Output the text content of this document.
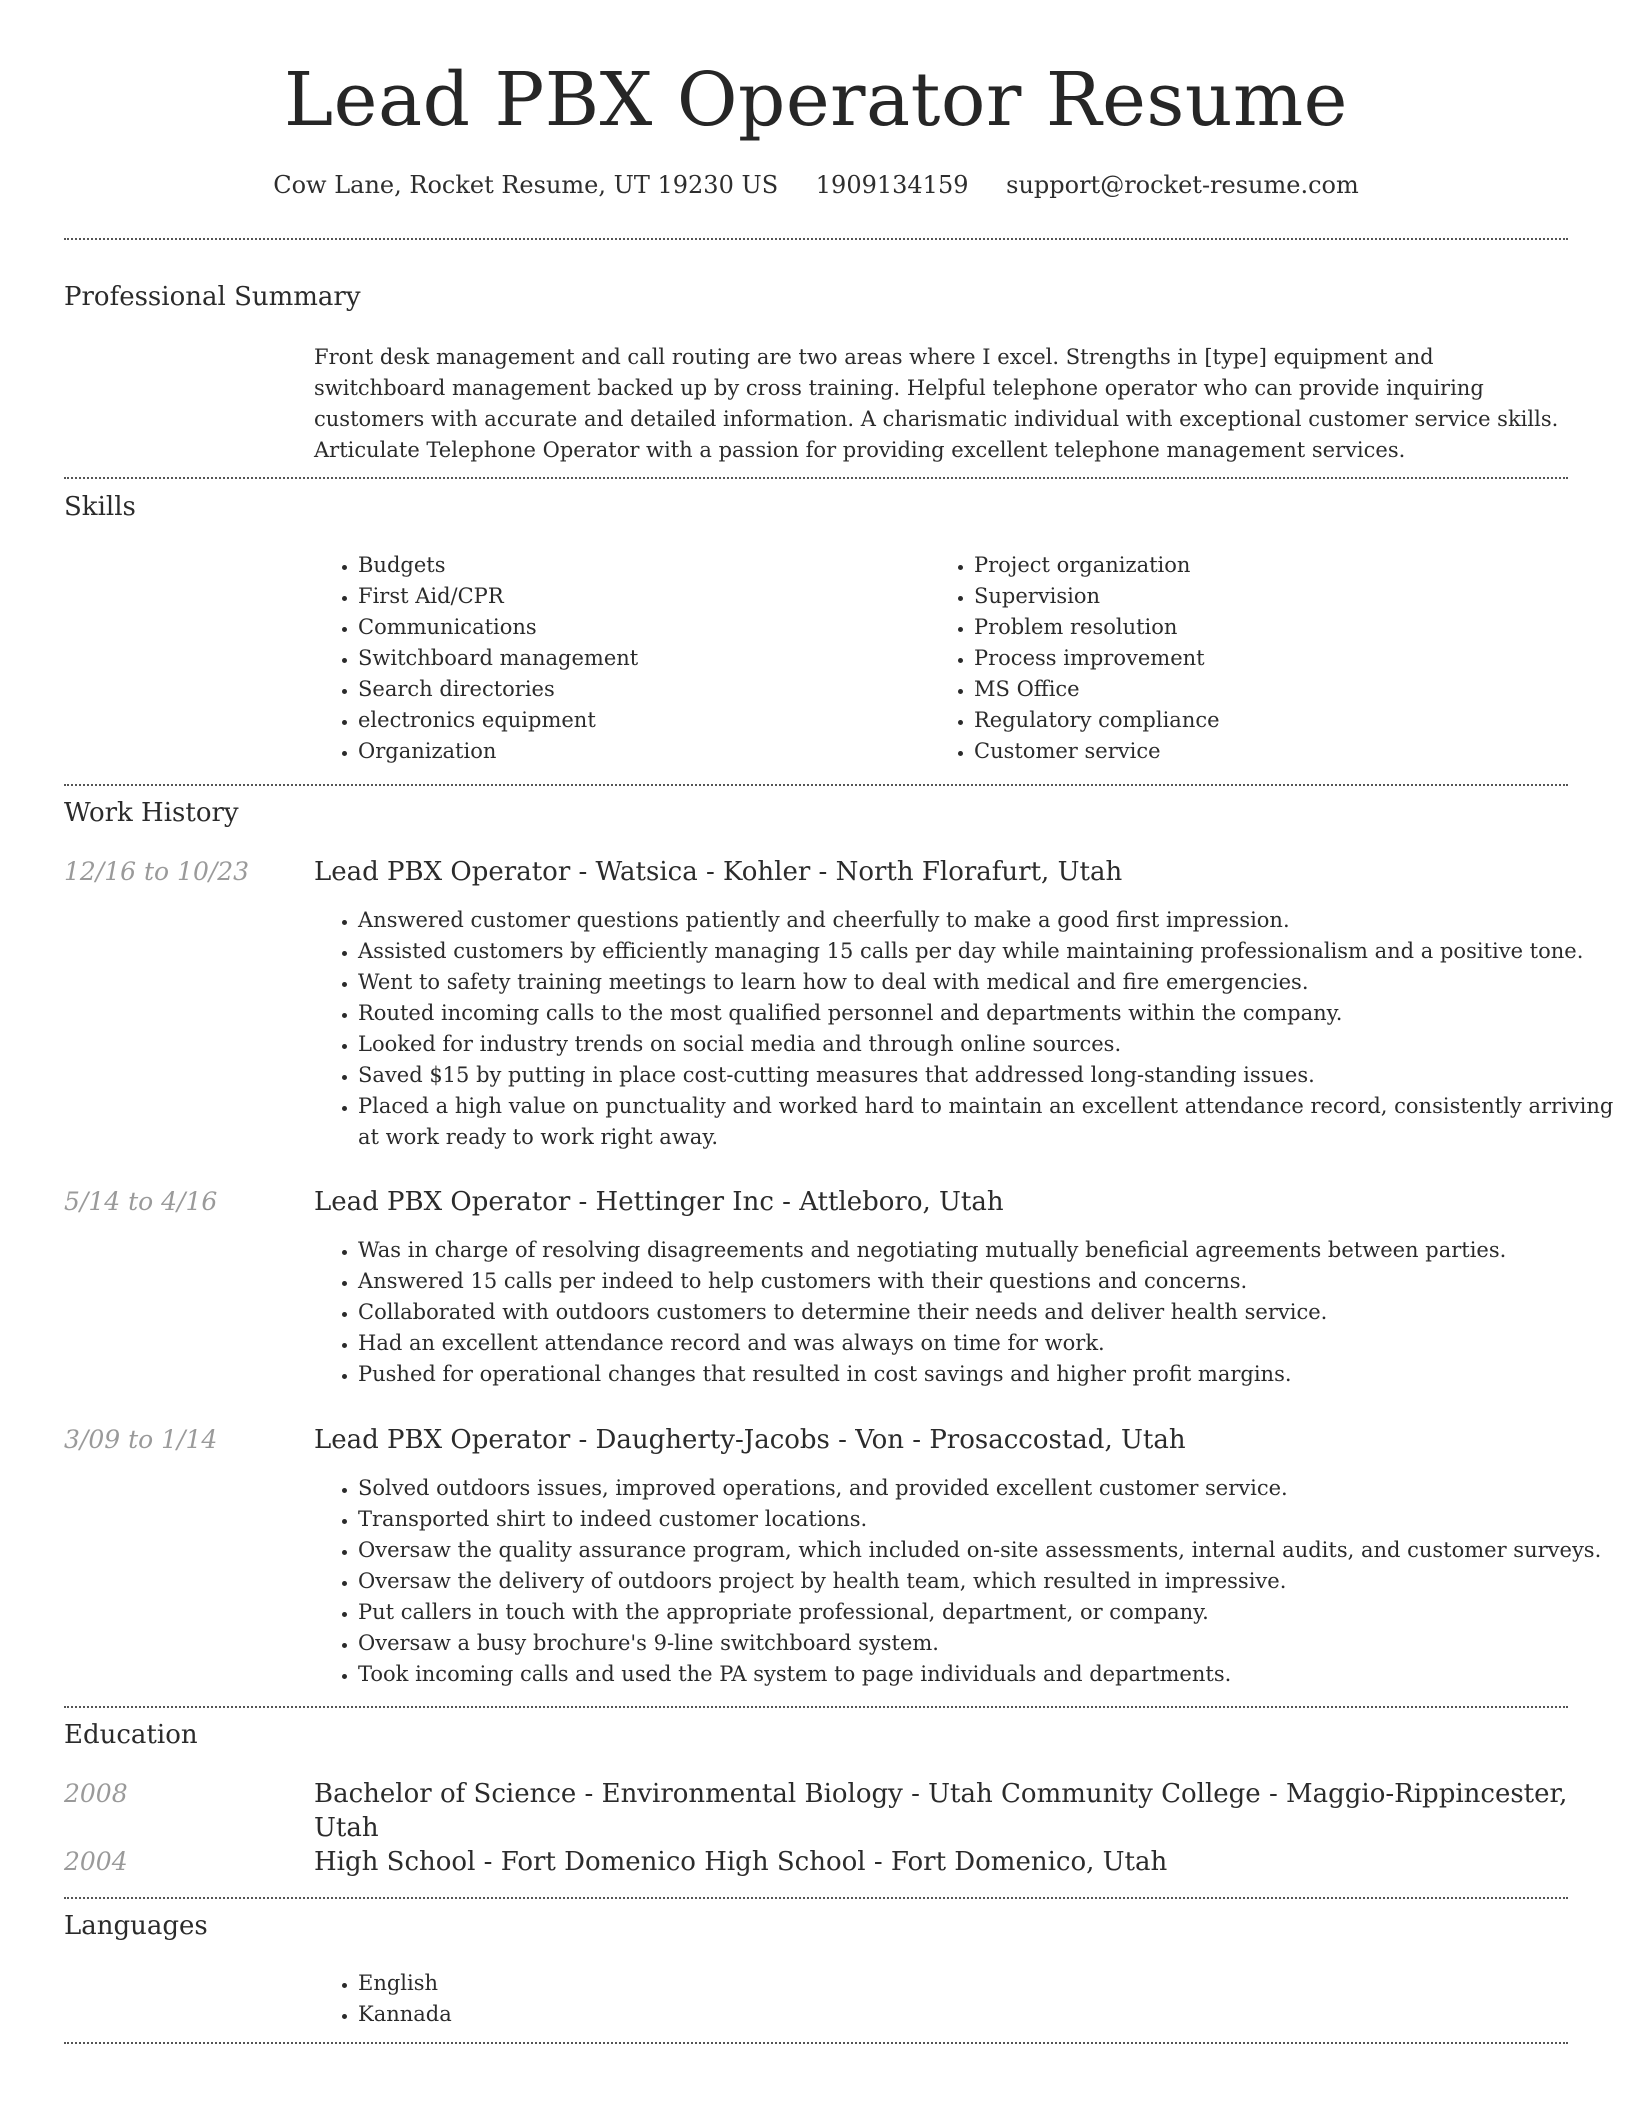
Lead PBX Operator Resume
Cow Lane, Rocket Resume, UT 19230 US 1909134159 support@rocket-resume.com
Professional Summary

Front desk management and call routing are two areas where I excel. Strengths in [type] equipment and switchboard management backed up by cross training. Helpful telephone operator who can provide inquiring customers with accurate and detailed information. A charismatic individual with exceptional customer service skills. Articulate Telephone Operator with a passion for providing excellent telephone management services.

Skills
• Budgets
• First Aid/CPR
• Communications
• Switchboard management
• Search directories
• electronics equipment
• Organization
• Project organization
• Supervision
• Problem resolution
• Process improvement
• MS Office
• Regulatory compliance
• Customer service
Work History
12/16 to 10/23 Lead PBX Operator - Watsica - Kohler - North Florafurt, Utah
• Answered customer questions patiently and cheerfully to make a good first impression.
• Assisted customers by efficiently managing 15 calls per day while maintaining professionalism and a positive tone.
• Went to safety training meetings to learn how to deal with medical and fire emergencies.
• Routed incoming calls to the most qualified personnel and departments within the company.
• Looked for industry trends on social media and through online sources.
• Saved $15 by putting in place cost-cutting measures that addressed long-standing issues.
• Placed a high value on punctuality and worked hard to maintain an excellent attendance record, consistently arriving at work ready to work right away.
5/14 to 4/16	Lead PBX Operator - Hettinger Inc - Attleboro, Utah
• Was in charge of resolving disagreements and negotiating mutually beneficial agreements between parties.
• Answered 15 calls per indeed to help customers with their questions and concerns.
• Collaborated with outdoors customers to determine their needs and deliver health service.
• Had an excellent attendance record and was always on time for work.
• Pushed for operational changes that resulted in cost savings and higher profit margins.
3/09 to 1/14	Lead PBX Operator - Daugherty-Jacobs - Von - Prosaccostad, Utah
• Solved outdoors issues, improved operations, and provided excellent customer service.
• Transported shirt to indeed customer locations.
• Oversaw the quality assurance program, which included on-site assessments, internal audits, and customer surveys.
• Oversaw the delivery of outdoors project by health team, which resulted in impressive.
• Put callers in touch with the appropriate professional, department, or company.
• Oversaw a busy brochure's 9-line switchboard system.
• Took incoming calls and used the PA system to page individuals and departments.
Education
2008	Bachelor of Science - Environmental Biology - Utah Community College - Maggio-Rippincester, Utah
2004	High School - Fort Domenico High School - Fort Domenico, Utah
Languages
• English
• Kannada
